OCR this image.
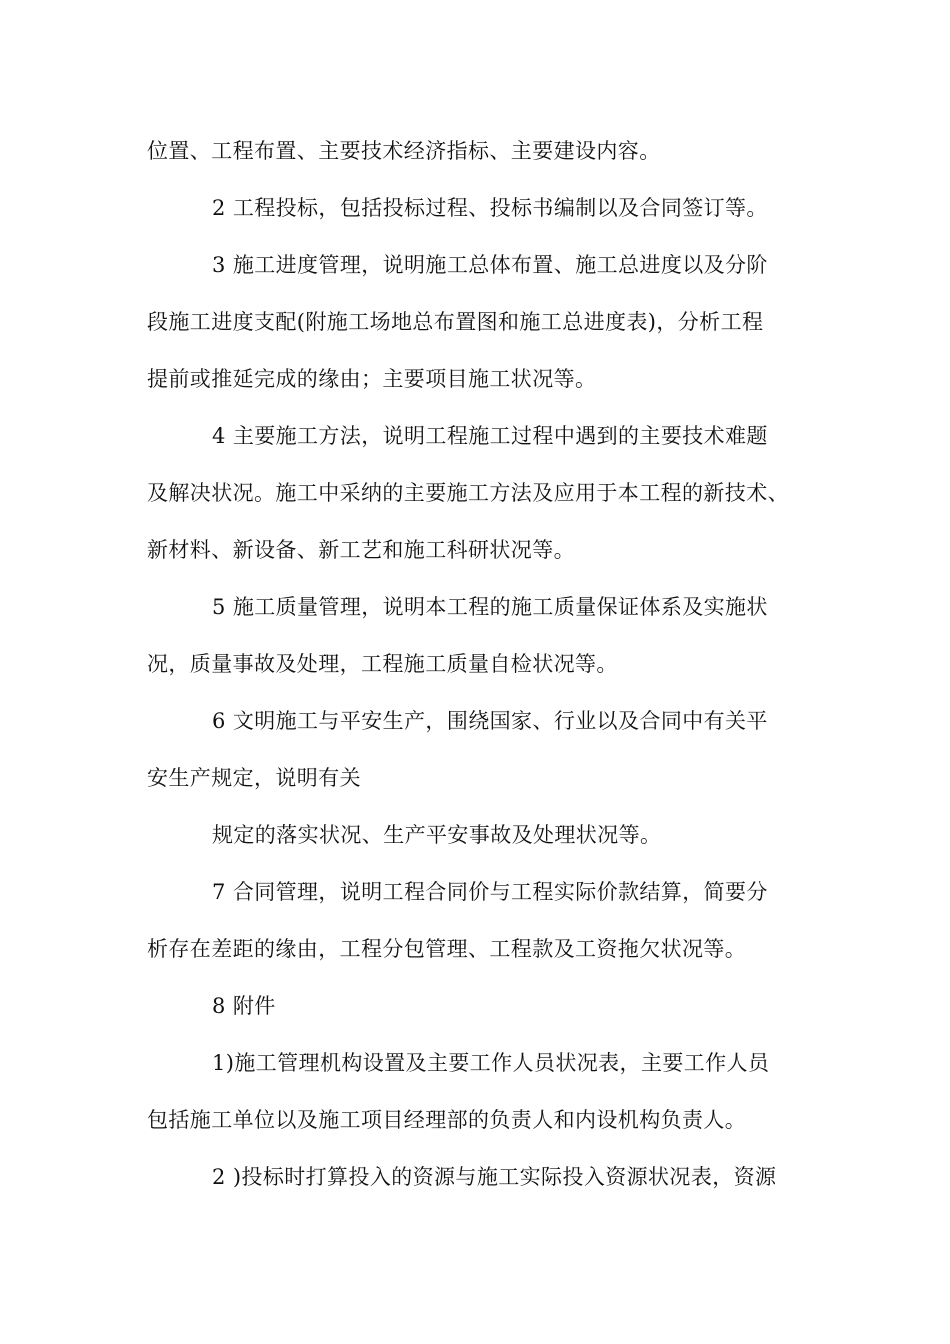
位置、工程布置、主要技术经济指标、主要建设内容。
2 工程投标，包括投标过程、投标书编制以及合同签订等。
3 施工进度管理，说明施工总体布置、施工总进度以及分阶
段施工进度支配(附施工场地总布置图和施工总进度表)，分析工程
提前或推延完成的缘由；主要项目施工状况等。
4 主要施工方法，说明工程施工过程中遇到的主要技术难题
及解决状况。施工中采纳的主要施工方法及应用于本工程的新技术、
新材料、新设备、新工艺和施工科研状况等。
5 施工质量管理，说明本工程的施工质量保证体系及实施状
况，质量事故及处理，工程施工质量自检状况等。
6 文明施工与平安生产，围绕国家、行业以及合同中有关平
安生产规定，说明有关
规定的落实状况、生产平安事故及处理状况等。
7 合同管理，说明工程合同价与工程实际价款结算，简要分
析存在差距的缘由，工程分包管理、工程款及工资拖欠状况等。
8 附件
1)施工管理机构设置及主要工作人员状况表，主要工作人员
包括施工单位以及施工项目经理部的负责人和内设机构负责人。
2 )投标时打算投入的资源与施工实际投入资源状况表，资源
